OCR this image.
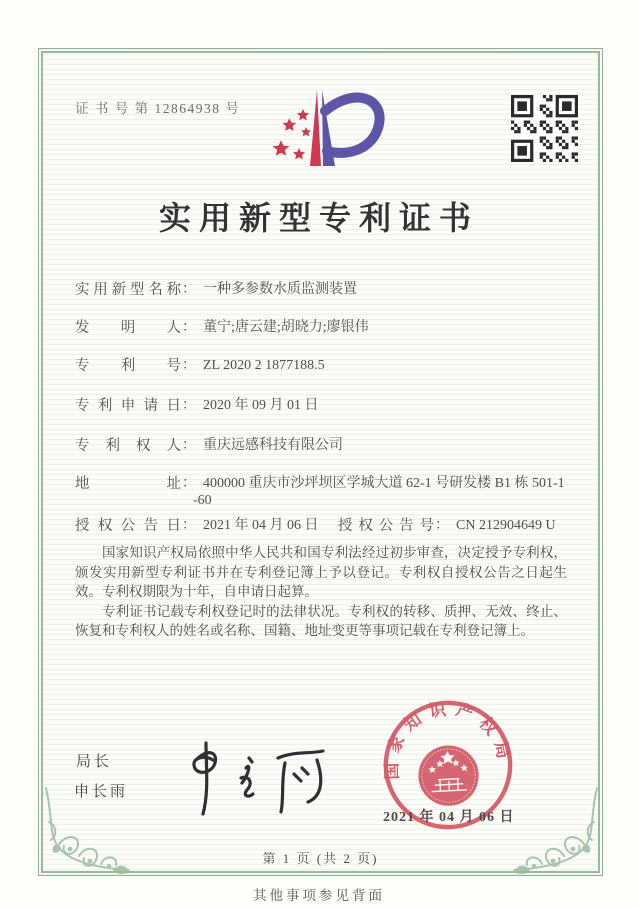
证 书 号 第 12864938 号
实用新型专利证书
实用新型名称： 一种多参数水质监测装置
发明人： 董宁;唐云建;胡晓力;廖银伟
专利号： ZL 2020 2 1877188.5
专利申请日： 2020 年 09 月 01 日
专利权人： 重庆远感科技有限公司
地址： 400000 重庆市沙坪坝区学城大道 62-1 号研发楼 B1 栋 501-1
-60
授权公告日： 2021 年 04 月 06 日 授权公告号： CN 212904649 U

国家知识产权局依照中华人民共和国专利法经过初步审查，决定授予专利权，颁发实用新型专利证书并在专利登记簿上予以登记。专利权自授权公告之日起生效。专利权期限为十年，自申请日起算。

专利证书记载专利权登记时的法律状况。专利权的转移、质押、无效、终止、恢复和专利权人的姓名或名称、国籍、地址变更等事项记载在专利登记簿上。

局长
申长雨
国家知识产权局
2021 年 04 月 06 日
第 1 页 (共 2 页)
其他事项参见背面
